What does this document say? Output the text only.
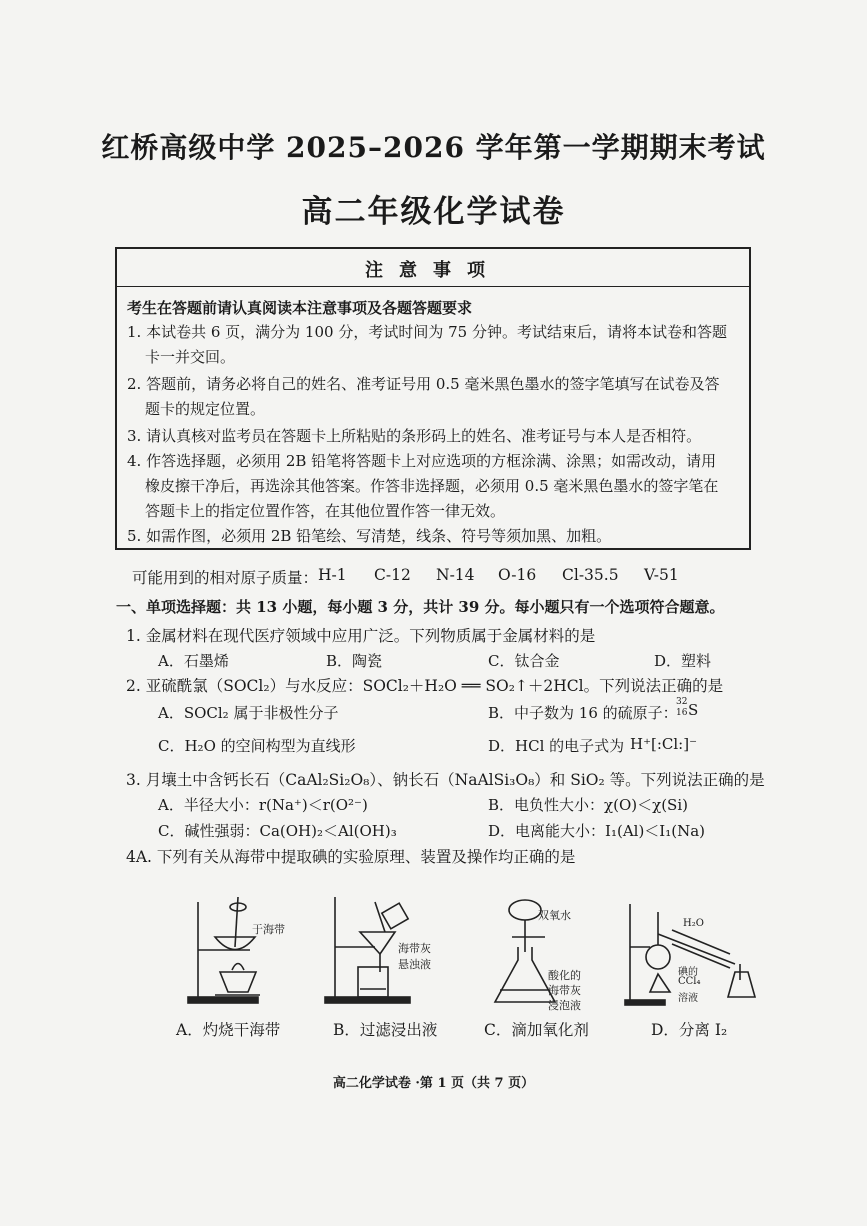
红桥高级中学 2025–2026 学年第一学期期末考试
高二年级化学试卷
注意事项
考生在答题前请认真阅读本注意事项及各题答题要求
1. 本试卷共 6 页，满分为 100 分，考试时间为 75 分钟。考试结束后，请将本试卷和答题
卡一并交回。
2. 答题前，请务必将自己的姓名、准考证号用 0.5 毫米黑色墨水的签字笔填写在试卷及答
题卡的规定位置。
3. 请认真核对监考员在答题卡上所粘贴的条形码上的姓名、准考证号与本人是否相符。
4. 作答选择题，必须用 2B 铅笔将答题卡上对应选项的方框涂满、涂黑；如需改动，请用
橡皮擦干净后，再选涂其他答案。作答非选择题，必须用 0.5 毫米黑色墨水的签字笔在
答题卡上的指定位置作答，在其他位置作答一律无效。
5. 如需作图，必须用 2B 铅笔绘、写清楚，线条、符号等须加黑、加粗。
可能用到的相对原子质量： H-1 C-12 N-14 O-16 Cl-35.5 V-51
一、单项选择题：共 13 小题，每小题 3 分，共计 39 分。每小题只有一个选项符合题意。
1. 金属材料在现代医疗领域中应用广泛。下列物质属于金属材料的是
A．石墨烯	B．陶瓷	C．钛合金	D．塑料
2. 亚硫酰氯（SOCl₂）与水反应：SOCl₂＋H₂O ══ SO₂↑＋2HCl。下列说法正确的是
A．SOCl₂ 属于非极性分子	B．中子数为 16 的硫原子：
32
16 S
C．H₂O 的空间构型为直线形	D．HCl 的电子式为 H⁺[:Cl:]⁻
3. 月壤土中含钙长石（CaAl₂Si₂O₈）、钠长石（NaAlSi₃O₈）和 SiO₂ 等。下列说法正确的是
A．半径大小：r(Na⁺)＜r(O²⁻)	B．电负性大小：χ(O)＜χ(Si)
C．碱性强弱：Ca(OH)₂＜Al(OH)₃	D．电离能大小：I₁(Al)＜I₁(Na)
4A. 下列有关从海带中提取碘的实验原理、装置及操作均正确的是
于海带
海带灰
悬浊液
双氧水
酸化的
海带灰
浸泡液
H₂O
碘的
CCl₄
溶液
A．灼烧干海带	B．过滤浸出液	C．滴加氧化剂	D．分离 I₂
高二化学试卷 ·第 1 页（共 7 页）
